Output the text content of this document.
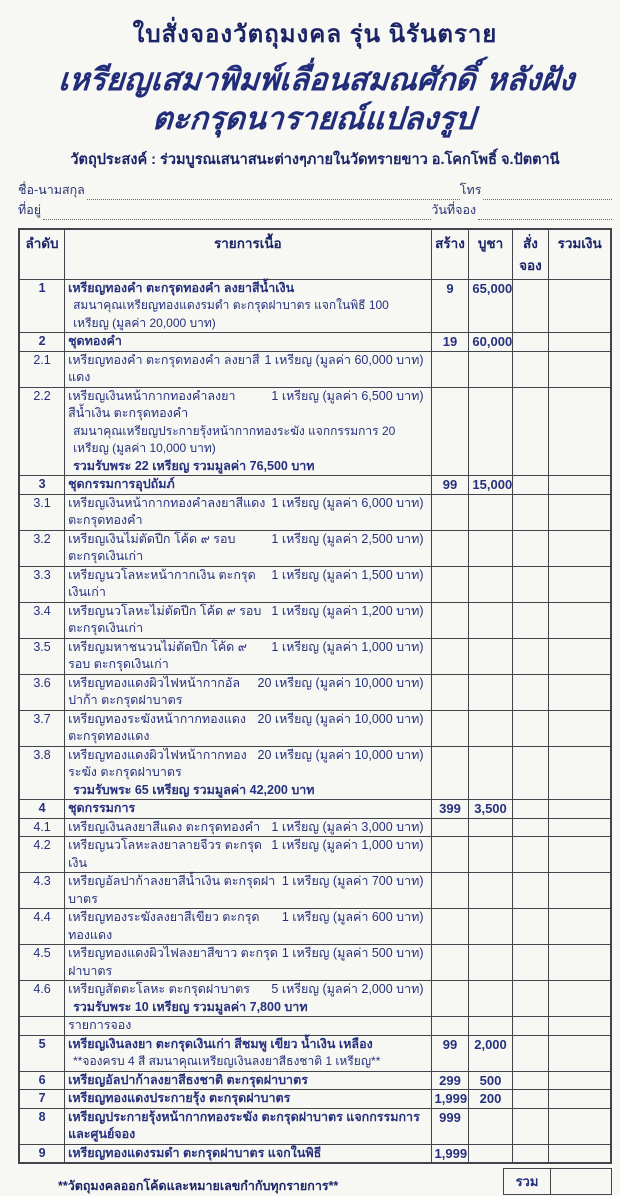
ใบสั่งจองวัตถุมงคล รุ่น นิรันตราย
เหรียญเสมาพิมพ์เลื่อนสมณศักดิ์ หลังฝังตะกรุดนารายณ์แปลงรูป
วัตถุประสงค์ : ร่วมบูรณเสนาสนะต่างๆภายในวัดทรายขาว อ.โคกโพธิ์ จ.ปัตตานี
ชื่อ-นามสกุล	โทร
ที่อยู่	วันที่จอง
ลำดับ	รายการเนื้อ	สร้าง	บูชา	สั่งจอง	รวมเงิน
1	เหรียญทองคำ ตะกรุดทองคำ ลงยาสีน้ำเงิน
สมนาคุณเหรียญทองแดงรมดำ ตะกรุดฝาบาตร แจกในพิธี 100 เหรียญ (มูลค่า 20,000 บาท)	9	65,000		
2	ชุดทองคำ	19	60,000		
2.1	เหรียญทองคำ ตะกรุดทองคำ ลงยาสีแดง
1 เหรียญ (มูลค่า 60,000 บาท)				

2.2	เหรียญเงินหน้ากากทองคำลงยาสีน้ำเงิน ตะกรุดทองคำ
1 เหรียญ (มูลค่า 6,500 บาท)
สมนาคุณเหรียญประกายรุ้งหน้ากากทองระฆัง แจกกรรมการ 20 เหรียญ (มูลค่า 10,000 บาท)
รวมรับพระ 22 เหรียญ รวมมูลค่า 76,500 บาท				

3	ชุดกรรมการอุปถัมภ์	99	15,000		
3.1	เหรียญเงินหน้ากากทองคำลงยาสีแดง ตะกรุดทองคำ
1 เหรียญ (มูลค่า 6,000 บาท)				

3.2	เหรียญเงินไม่ตัดปีก โค้ด ๙ รอบ ตะกรุดเงินเก่า
1 เหรียญ (มูลค่า 2,500 บาท)				

3.3	เหรียญนวโลหะหน้ากากเงิน ตะกรุดเงินเก่า
1 เหรียญ (มูลค่า 1,500 บาท)				

3.4	เหรียญนวโลหะไม่ตัดปีก โค้ด ๙ รอบ ตะกรุดเงินเก่า
1 เหรียญ (มูลค่า 1,200 บาท)				

3.5	เหรียญมหาชนวนไม่ตัดปีก โค้ด ๙ รอบ ตะกรุดเงินเก่า
1 เหรียญ (มูลค่า 1,000 บาท)				

3.6	เหรียญทองแดงผิวไฟหน้ากากอัลปาก้า ตะกรุดฝาบาตร
20 เหรียญ (มูลค่า 10,000 บาท)				

3.7	เหรียญทองระฆังหน้ากากทองแดง ตะกรุดทองแดง
20 เหรียญ (มูลค่า 10,000 บาท)				

3.8	เหรียญทองแดงผิวไฟหน้ากากทองระฆัง ตะกรุดฝาบาตร
20 เหรียญ (มูลค่า 10,000 บาท)
รวมรับพระ 65 เหรียญ รวมมูลค่า 42,200 บาท				

4	ชุดกรรมการ	399	3,500		
4.1	เหรียญเงินลงยาสีแดง ตะกรุดทองคำ 1 เหรียญ (มูลค่า 3,000 บาท)				

4.2	เหรียญนวโลหะลงยาลายจีวร ตะกรุดเงิน
1 เหรียญ (มูลค่า 1,000 บาท)				

4.3	เหรียญอัลปาก้าลงยาสีน้ำเงิน ตะกรุดฝาบาตร
1 เหรียญ (มูลค่า 700 บาท)				

4.4	เหรียญทองระฆังลงยาสีเขียว ตะกรุดทองแดง
1 เหรียญ (มูลค่า 600 บาท)				

4.5	เหรียญทองแดงผิวไฟลงยาสีขาว ตะกรุดฝาบาตร
1 เหรียญ (มูลค่า 500 บาท)				

4.6	เหรียญสัตตะโลหะ ตะกรุดฝาบาตร 5 เหรียญ (มูลค่า 2,000 บาท)
รวมรับพระ 10 เหรียญ รวมมูลค่า 7,800 บาท				

	รายการจอง				

5	เหรียญเงินลงยา ตะกรุดเงินเก่า สีชมพู เขียว น้ำเงิน เหลือง
**จองครบ 4 สี สมนาคุณเหรียญเงินลงยาสีธงชาติ 1 เหรียญ**	99	2,000		
6	เหรียญอัลปาก้าลงยาสีธงชาติ ตะกรุดฝาบาตร	299	500		
7	เหรียญทองแดงประกายรุ้ง ตะกรุดฝาบาตร	1,999	200		
8	เหรียญประกายรุ้งหน้ากากทองระฆัง ตะกรุดฝาบาตร แจกกรรมการและศูนย์จอง	999			
9	เหรียญทองแดงรมดำ ตะกรุดฝาบาตร แจกในพิธี	1,999			
**วัตถุมงคลออกโค้ดและหมายเลขกำกับทุกรายการ**	รวม
